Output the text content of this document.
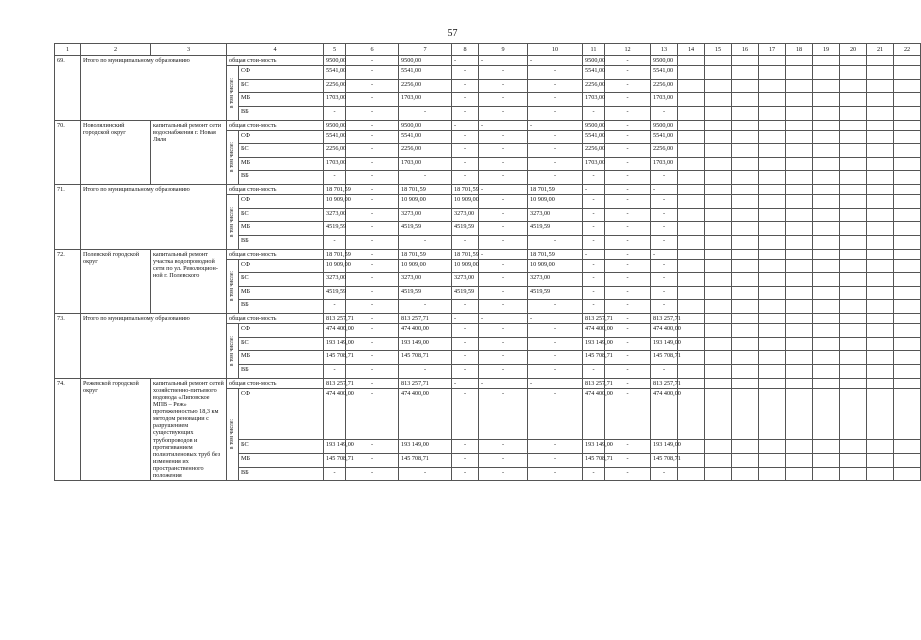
57
1	2	3	4		5	6	7	8	9	10	11	12	13	14	15	16	17	18	19	20	21	22
69.	Итого по муниципальному образованию		общая стои-мость		9500,00	-	9500,00	-	-	-	9500,00	-	9500,00									

			в том числе:	СФ	5541,00	-	5541,00	-	-	-	5541,00	-	5541,00									
				БС	2256,00	-	2256,00	-	-	-	2256,00	-	2256,00									
				МБ	1703,00	-	1703,00	-	-	-	1703,00	-	1703,00									
				ВБ	-	-	-	-	-	-	-	-	-									
70.	Новолялинский городской округ	капитальный ремонт сети водоснабжения г. Новая Ляля	общая стои-мость		9500,00	-	9500,00	-	-	-	9500,00	-	9500,00									

			в том числе:	СФ	5541,00	-	5541,00	-	-	-	5541,00	-	5541,00									
				БС	2256,00	-	2256,00	-	-	-	2256,00	-	2256,00									
				МБ	1703,00	-	1703,00	-	-	-	1703,00	-	1703,00									
				ВБ	-	-	-	-	-	-	-	-	-									
71.	Итого по муниципальному образованию		общая стои-мость		18 701,59	-	18 701,59	18 701,59	-	18 701,59	-	-	-									

			в том числе:	СФ	10 909,00	-	10 909,00	10 909,00	-	10 909,00	-	-	-									
				БС	3273,00	-	3273,00	3273,00	-	3273,00	-	-	-									
				МБ	4519,59	-	4519,59	4519,59	-	4519,59	-	-	-									
				ВБ	-	-	-	-	-	-	-	-	-									
72.	Полевской городской округ	капитальный ремонт участка водопроводной сети по ул. Революцион-ной г. Полевского	общая стои-мость		18 701,59	-	18 701,59	18 701,59	-	18 701,59	-	-	-									

			в том числе:	СФ	10 909,00	-	10 909,00	10 909,00	-	10 909,00	-	-	-									
				БС	3273,00	-	3273,00	3273,00	-	3273,00	-	-	-									
				МБ	4519,59	-	4519,59	4519,59	-	4519,59	-	-	-									
				ВБ	-	-	-	-	-	-	-	-	-									
73.	Итого по муниципальному образованию		общая стои-мость		813 257,71	-	813 257,71	-	-	-	813 257,71	-	813 257,71									

			в том числе:	СФ	474 400,00	-	474 400,00	-	-	-	474 400,00	-	474 400,00									
				БС	193 149,00	-	193 149,00	-	-	-	193 149,00	-	193 149,00									
				МБ	145 708,71	-	145 708,71	-	-	-	145 708,71	-	145 708,71									
				ВБ	-	-	-	-	-	-	-	-	-									
74.	Режевской городской округ	капитальный ремонт сетей хозяйственно-питьевого водовода «Липовское МПВ – Реж» протяженностью 18,3 км методом реновации с разрушением существующих трубопроводов и протягиванием полиэтиленовых труб без изменения их пространственного положения	общая стои-мость		813 257,71	-	813 257,71	-	-	-	813 257,71	-	813 257,71									

			в том числе:	СФ	474 400,00	-	474 400,00	-	-	-	474 400,00	-	474 400,00									
				БС	193 149,00	-	193 149,00	-	-	-	193 149,00	-	193 149,00									
				МБ	145 708,71	-	145 708,71	-	-	-	145 708,71	-	145 708,71									
				ВБ	-	-	-	-	-	-	-	-	-									
